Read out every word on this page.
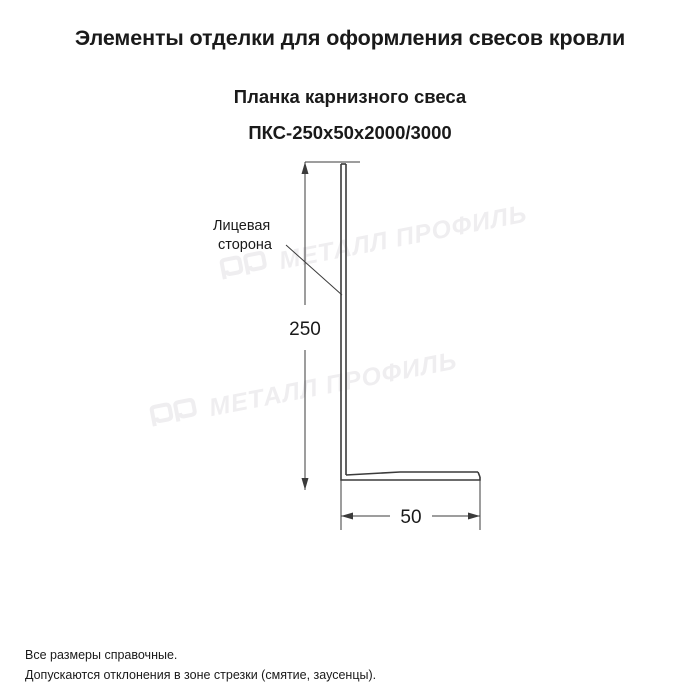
МЕТАЛЛ ПРОФИЛЬ
МЕТАЛЛ ПРОФИЛЬ
Элементы отделки для оформления свесов кровли
Планка карнизного свеса
ПКС-250х50х2000/3000
250
50
Лицевая
сторона
Все размеры справочные.
Допускаются отклонения в зоне стрезки (смятие, заусенцы).
